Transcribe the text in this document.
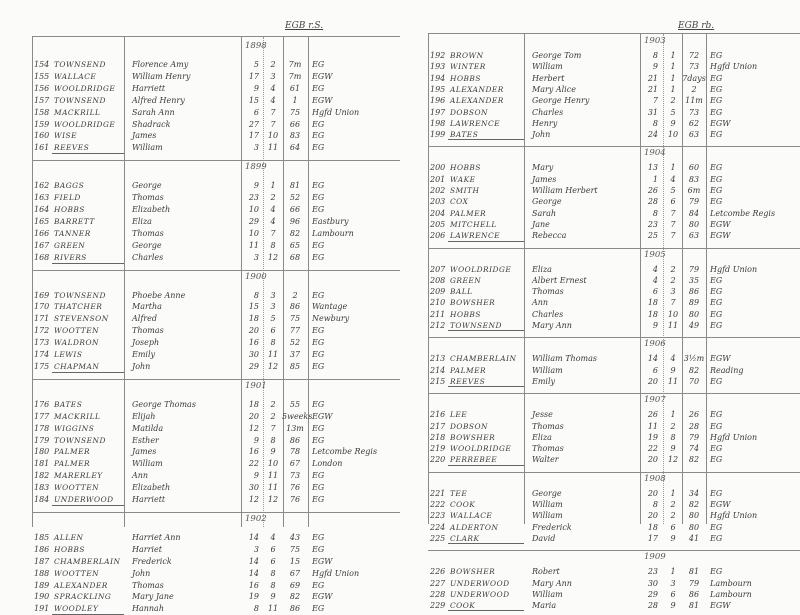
EGB r.S.
1898
154 TOWNSEND	Florence Amy	5	2	7m	EG
155 WALLACE	William Henry	17	3	7m	EGW
156 WOOLDRIDGE Harriett	9	4	61	EG
157 TOWNSEND	Alfred Henry	15	4	1	EGW
158 MACKRILL	Sarah Ann	6	7	75	Hgfd Union
159 WOOLDRIDGE Shadrack	27	7	66	EG
160 WISE	James	17 10	83	EG
161 REEVES	William	3 11	64	EG
1899
162 BAGGS	George	9	1	81	EG
163 FIELD	Thomas	23	2	52	EG
164 HOBBS	Elizabeth	10	4	66	EG
165 BARRETT	Eliza	29	4	96	Eastbury
166 TANNER	Thomas	10	7	82	Lambourn
167 GREEN	George	11	8	65	EG
168 RIVERS	Charles	3 12	68	EG
1900
169 TOWNSEND	Phoebe Anne	8	3	2	EG
170 THATCHER	Martha	15	3	86	Wantage
171 STEVENSON	Alfred	18	5	75	Newbury
172 WOOTTEN	Thomas	20	6	77	EG
173 WALDRON	Joseph	16	8	52	EG
174 LEWIS	Emily	30 11	37	EG
175 CHAPMAN	John	29 12	85	EG
1901
176 BATES	George Thomas	18	2	55	EG
177 MACKRILL	Elijah	20	2 5weeks EGW
178 WIGGINS	Matilda	12	7	13m	EG
179 TOWNSEND	Esther	9	8	86	EG
180 PALMER	James	16	9	78	Letcombe Regis
181 PALMER	William	22 10	67	London
182 MARERLEY	Ann	9 11	73	EG
183 WOOTTEN	Elizabeth	30 11	76	EG
184 UNDERWOOD Harriett	12 12	76	EG
1902
185 ALLEN	Harriet Ann	14	4	43	EG
186 HOBBS	Harriet	3	6	75	EG
187 CHAMBERLAIN Frederick	14	6	15	EGW
188 WOOTTEN	John	14	8	67	Hgfd Union
189 ALEXANDER	Thomas	16	8	69	EG
190 SPRACKLING	Mary Jane	19	9	82	EGW
191 WOODLEY	Hannah	8 11	86	EG
EGB rb.
1903
192 BROWN	George Tom	8	1	72	EG
193 WINTER	William	9	1	73	Hgfd Union
194 HOBBS	Herbert	21	1 7days EG
195 ALEXANDER	Mary Alice	21	1	2	EG
196 ALEXANDER	George Henry	7	2	11m EG
197 DOBSON	Charles	31	5	73	EG
198 LAWRENCE	Henry	8	9	62	EGW
199 BATES	John	24 10	63	EG
1904
200 HOBBS	Mary	13	1	60	EG
201 WAKE	James	1	4	83	EG
202 SMITH	William Herbert	26	5	6m	EG
203 COX	George	28	6	79	EG
204 PALMER	Sarah	8	7	84	Letcombe Regis
205 MITCHELL	Jane	23	7	80	EGW
206 LAWRENCE	Rebecca	25	7	63	EGW
1905
207 WOOLDRIDGE	Eliza	4	2	79	Hgfd Union
208 GREEN	Albert Ernest	4	2	35	EG
209 BALL	Thomas	6	3	86	EG
210 BOWSHER	Ann	18	7	89	EG
211 HOBBS	Charles	18 10	80	EG
212 TOWNSEND	Mary Ann	9 11	49	EG
1906
213 CHAMBERLAIN William Thomas	14	4	3½m EGW
214 PALMER	William	6	9	82	Reading
215 REEVES	Emily	20 11	70	EG
1907
216 LEE	Jesse	26	1	26	EG
217 DOBSON	Thomas	11	2	28	EG
218 BOWSHER	Eliza	19	8	79	Hgfd Union
219 WOOLDRIDGE	Thomas	22	9	74	EG
220 PERREBEE	Walter	20 12	82	EG
1908
221 TEE	George	20	1	34	EG
222 COOK	William	8	2	82	EGW
223 WALLACE	William	20	2	80	Hgfd Union
224 ALDERTON	Frederick	18	6	80	EG
225 CLARK	David	17	9	41	EG
1909
226 BOWSHER	Robert	23	1	81	EG
227 UNDERWOOD	Mary Ann	30	3	79	Lambourn
228 UNDERWOOD	William	29	6	86	Lambourn
229 COOK	Maria	28	9	81	EGW
